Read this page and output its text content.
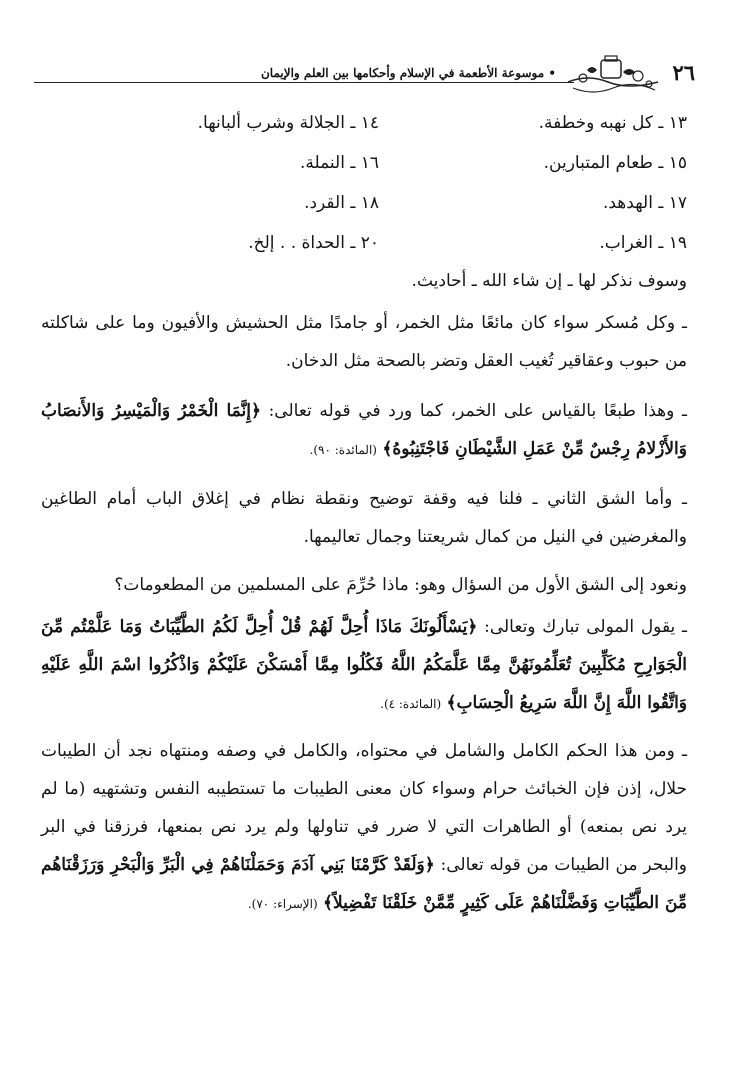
٢٦
• موسوعة الأطعمة في الإسلام وأحكامها بين العلم والإيمان
١٣ ـ كل نهبه وخطفة.
١٤ ـ الجلالة وشرب ألبانها.
١٥ ـ طعام المتبارين.
١٦ ـ النملة.
١٧ ـ الهدهد.
١٨ ـ القرد.
١٩ ـ الغراب.
٢٠ ـ الحداة . . إلخ.
وسوف نذكر لها ـ إن شاء الله ـ أحاديث.
ـ وكل مُسكر سواء كان مائعًا مثل الخمر، أو جامدًا مثل الحشيش والأفيون وما على شاكلته من حبوب وعقاقير تُغيب العقل وتضر بالصحة مثل الدخان.
ـ وهذا طبعًا بالقياس على الخمر، كما ورد في قوله تعالى: ﴿إِنَّمَا الْخَمْرُ وَالْمَيْسِرُ وَالأَنصَابُ وَالأَزْلامُ رِجْسٌ مِّنْ عَمَلِ الشَّيْطَانِ فَاجْتَنِبُوهُ﴾ (المائدة: ٩٠).
ـ وأما الشق الثاني ـ فلنا فيه وقفة توضيح ونقطة نظام في إغلاق الباب أمام الطاغين والمغرضين في النيل من كمال شريعتنا وجمال تعاليمها.
ونعود إلى الشق الأول من السؤال وهو: ماذا حُرِّمَ على المسلمين من المطعومات؟
ـ يقول المولى تبارك وتعالى: ﴿يَسْأَلُونَكَ مَاذَا أُحِلَّ لَهُمْ قُلْ أُحِلَّ لَكُمُ الطَّيِّبَاتُ وَمَا عَلَّمْتُم مِّنَ الْجَوَارِحِ مُكَلِّبِينَ تُعَلِّمُونَهُنَّ مِمَّا عَلَّمَكُمُ اللَّهُ فَكُلُوا مِمَّا أَمْسَكْنَ عَلَيْكُمْ وَاذْكُرُوا اسْمَ اللَّهِ عَلَيْهِ وَاتَّقُوا اللَّهَ إِنَّ اللَّهَ سَرِيعُ الْحِسَابِ﴾ (المائدة: ٤).
ـ ومن هذا الحكم الكامل والشامل في محتواه، والكامل في وصفه ومنتهاه نجد أن الطيبات حلال، إذن فإن الخبائث حرام وسواء كان معنى الطيبات ما تستطيبه النفس وتشتهيه (ما لم يرد نص بمنعه) أو الطاهرات التي لا ضرر في تناولها ولم يرد نص بمنعها، فرزقنا في البر والبحر من الطيبات من قوله تعالى: ﴿وَلَقَدْ كَرَّمْنَا بَنِي آدَمَ وَحَمَلْنَاهُمْ فِي الْبَرِّ وَالْبَحْرِ وَرَزَقْنَاهُم مِّنَ الطَّيِّبَاتِ وَفَضَّلْنَاهُمْ عَلَى كَثِيرٍ مِّمَّنْ خَلَقْنَا تَفْضِيلاً﴾ (الإسراء: ٧٠).
